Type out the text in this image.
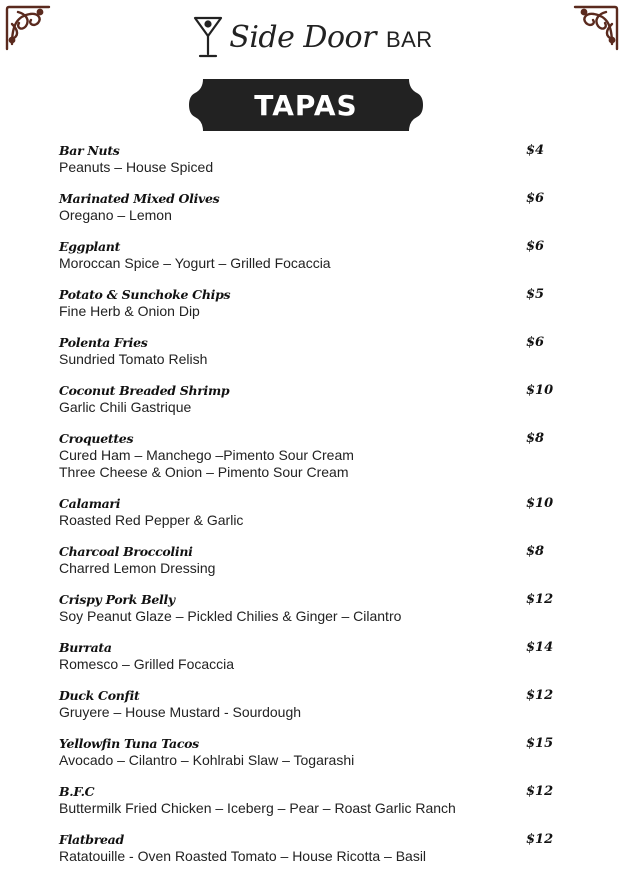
Side Door BAR
TAPAS
Bar Nuts	$4
Peanuts – House Spiced
Marinated Mixed Olives	$6
Oregano – Lemon
Eggplant	$6
Moroccan Spice – Yogurt – Grilled Focaccia
Potato & Sunchoke Chips	$5
Fine Herb & Onion Dip
Polenta Fries	$6
Sundried Tomato Relish
Coconut Breaded Shrimp	$10
Garlic Chili Gastrique
Croquettes	$8
Cured Ham – Manchego –Pimento Sour Cream
Three Cheese & Onion – Pimento Sour Cream
Calamari	$10
Roasted Red Pepper & Garlic
Charcoal Broccolini	$8
Charred Lemon Dressing
Crispy Pork Belly	$12
Soy Peanut Glaze – Pickled Chilies & Ginger – Cilantro
Burrata	$14
Romesco – Grilled Focaccia
Duck Confit	$12
Gruyere – House Mustard - Sourdough
Yellowfin Tuna Tacos	$15
Avocado – Cilantro – Kohlrabi Slaw – Togarashi
B.F.C	$12
Buttermilk Fried Chicken – Iceberg – Pear – Roast Garlic Ranch
Flatbread	$12
Ratatouille - Oven Roasted Tomato – House Ricotta – Basil
